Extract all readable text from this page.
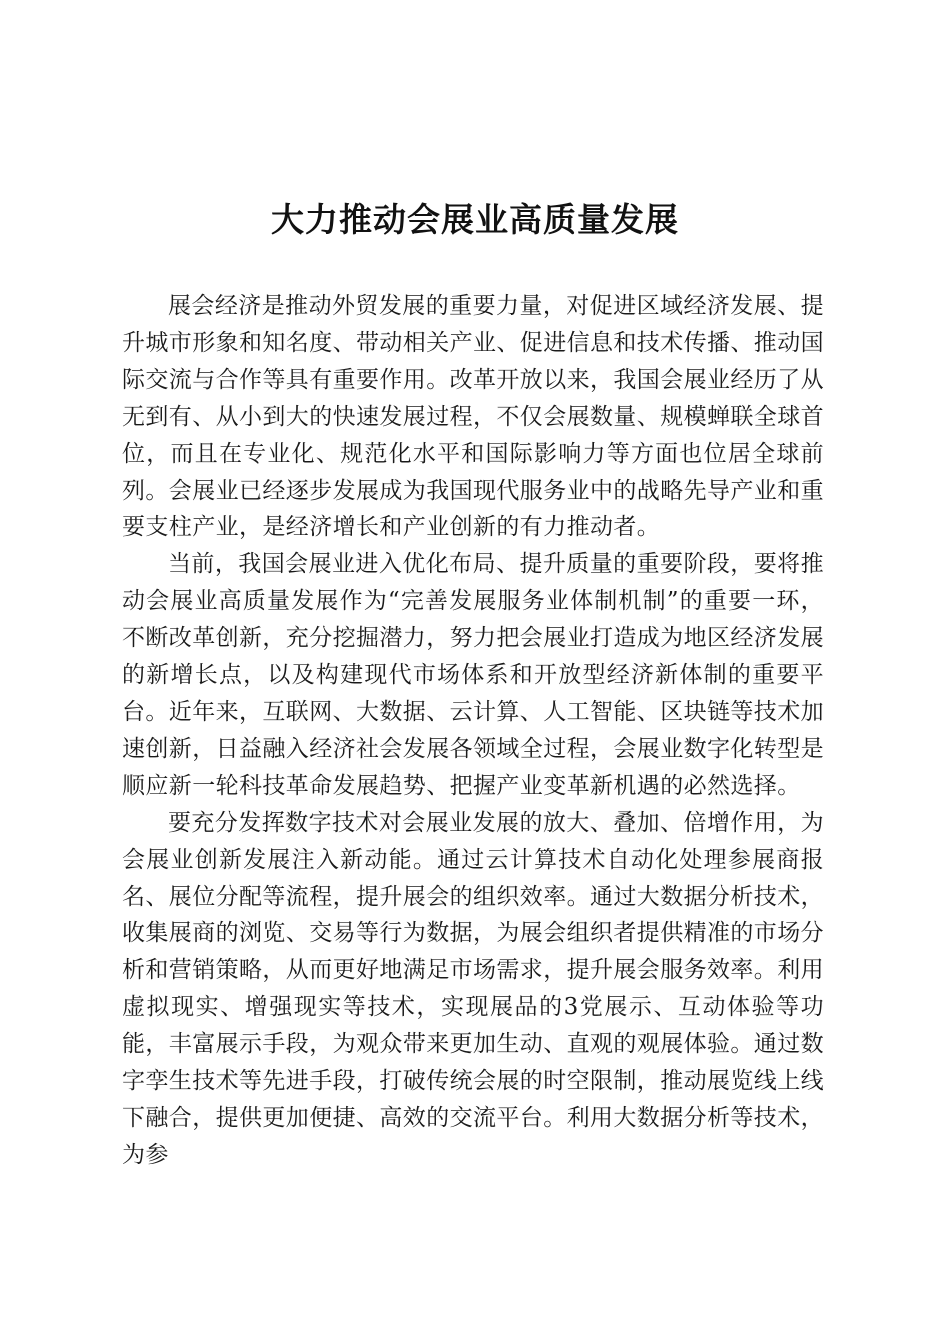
大力推动会展业高质量发展

展会经济是推动外贸发展的重要力量，对促进区域经济发展、提升城市形象和知名度、带动相关产业、促进信息和技术传播、推动国际交流与合作等具有重要作用。改革开放以来，我国会展业经历了从无到有、从小到大的快速发展过程，不仅会展数量、规模蝉联全球首位，而且在专业化、规范化水平和国际影响力等方面也位居全球前列。会展业已经逐步发展成为我国现代服务业中的战略先导产业和重要支柱产业，是经济增长和产业创新的有力推动者。

当前，我国会展业进入优化布局、提升质量的重要阶段，要将推动会展业高质量发展作为“完善发展服务业体制机制”的重要一环，不断改革创新，充分挖掘潜力，努力把会展业打造成为地区经济发展的新增长点，以及构建现代市场体系和开放型经济新体制的重要平台。近年来，互联网、大数据、云计算、人工智能、区块链等技术加速创新，日益融入经济社会发展各领域全过程，会展业数字化转型是顺应新一轮科技革命发展趋势、把握产业变革新机遇的必然选择。

要充分发挥数字技术对会展业发展的放大、叠加、倍增作用，为会展业创新发展注入新动能。通过云计算技术自动化处理参展商报名、展位分配等流程，提升展会的组织效率。通过大数据分析技术，收集展商的浏览、交易等行为数据，为展会组织者提供精准的市场分析和营销策略，从而更好地满足市场需求，提升展会服务效率。利用虚拟现实、增强现实等技术，实现展品的3党展示、互动体验等功能，丰富展示手段，为观众带来更加生动、直观的观展体验。通过数字孪生技术等先进手段，打破传统会展的时空限制，推动展览线上线下融合，提供更加便捷、高效的交流平台。利用大数据分析等技术，为参
